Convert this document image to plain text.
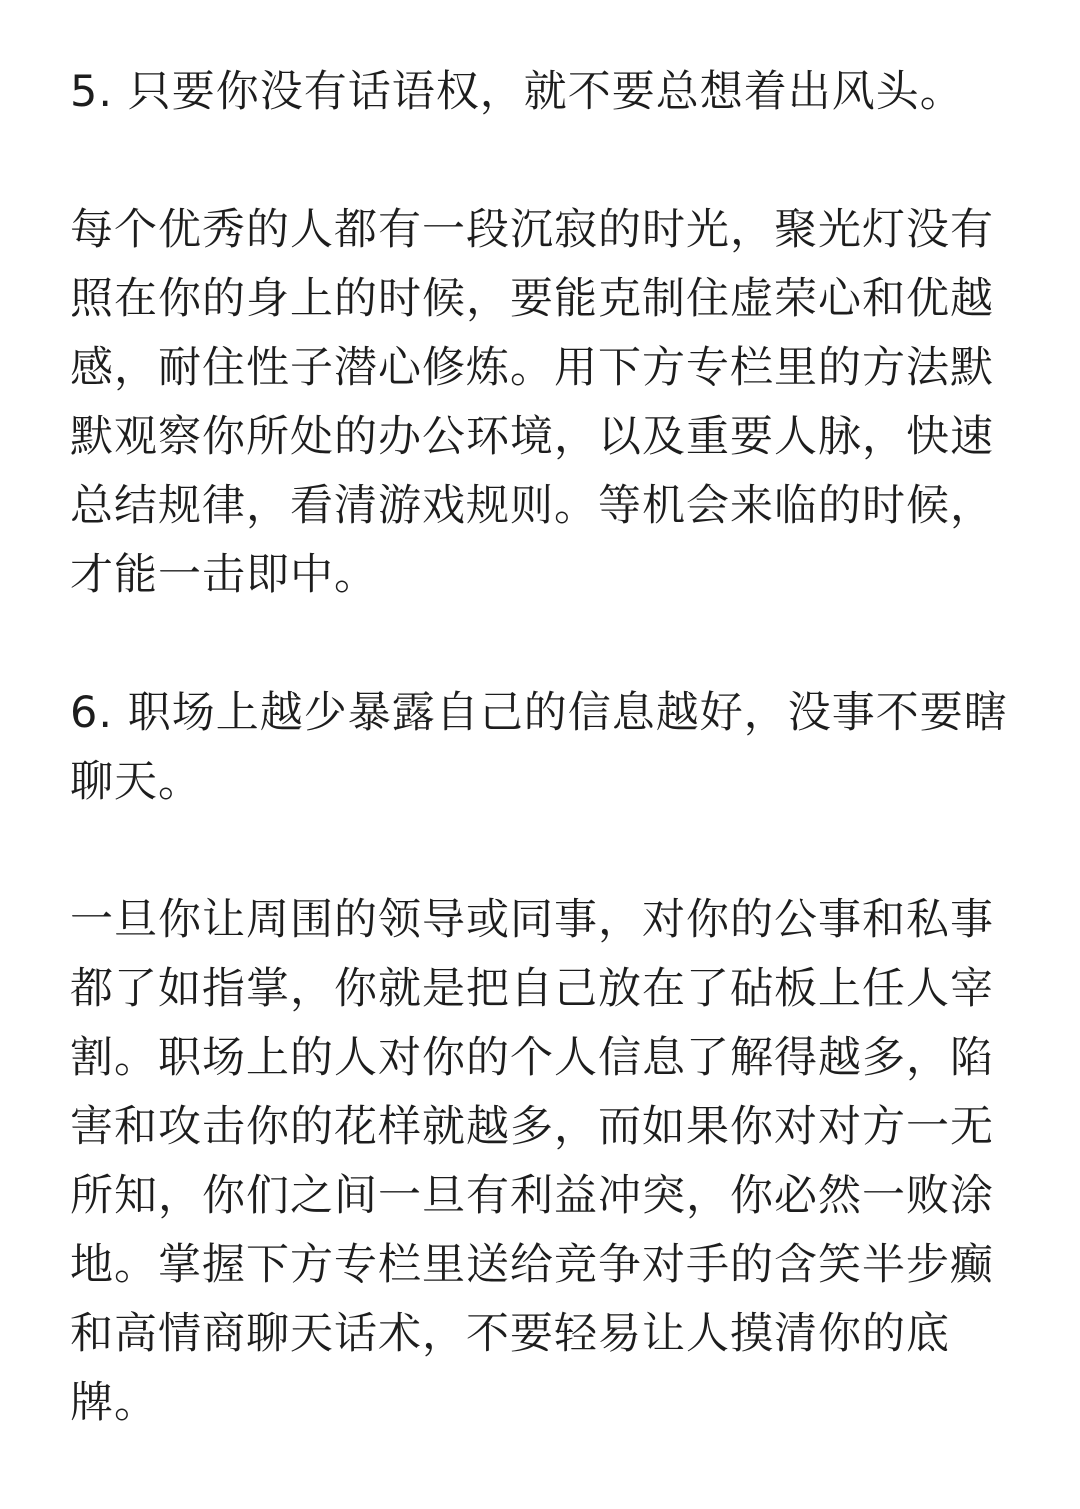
5. 只要你没有话语权，就不要总想着出风头。

每个优秀的人都有一段沉寂的时光，聚光灯没有照在你的身上的时候，要能克制住虚荣心和优越感，耐住性子潜心修炼。用下方专栏里的方法默默观察你所处的办公环境，以及重要人脉，快速总结规律，看清游戏规则。等机会来临的时候，才能一击即中。

6. 职场上越少暴露自己的信息越好，没事不要瞎聊天。

一旦你让周围的领导或同事，对你的公事和私事都了如指掌，你就是把自己放在了砧板上任人宰割。职场上的人对你的个人信息了解得越多，陷害和攻击你的花样就越多，而如果你对对方一无所知，你们之间一旦有利益冲突，你必然一败涂地。掌握下方专栏里送给竞争对手的含笑半步癫和高情商聊天话术，不要轻易让人摸清你的底牌。
